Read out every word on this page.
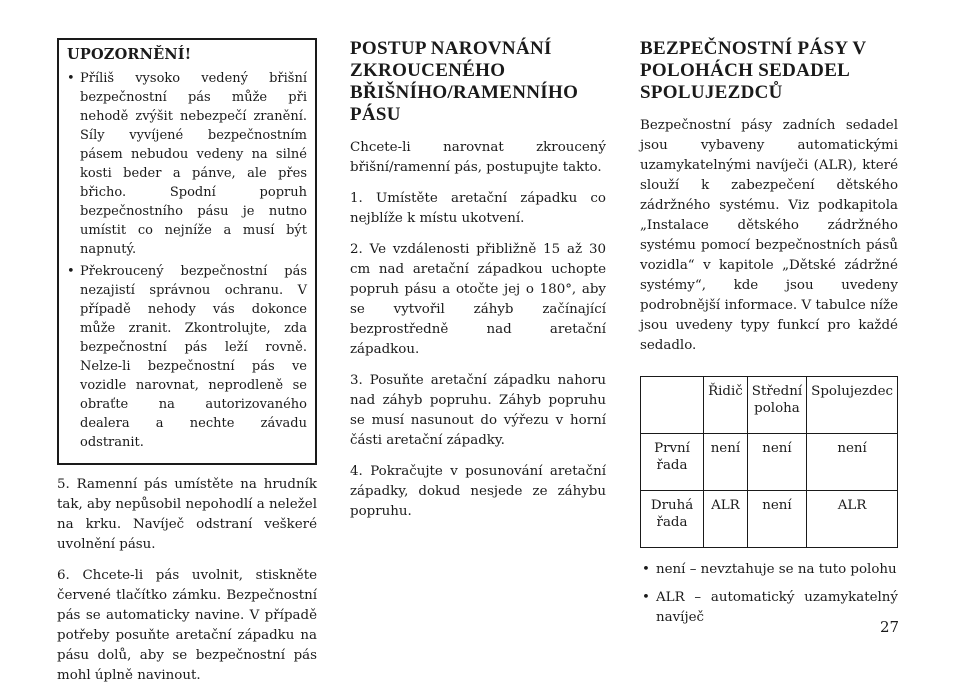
UPOZORNĚNÍ!
• Příliš vysoko vedený břišní bezpečnostní pás může při nehodě zvýšit nebezpečí zranění. Síly vyvíjené bezpečnostním pásem nebudou vedeny na silné kosti beder a pánve, ale přes břicho. Spodní popruh bezpečnostního pásu je nutno umístit co nejníže a musí být napnutý.
• Překroucený bezpečnostní pás nezajistí správnou ochranu. V případě nehody vás dokonce může zranit. Zkontrolujte, zda bezpečnostní pás leží rovně. Nelze-li bezpečnostní pás ve vozidle narovnat, neprodleně se obraťte na autorizovaného dealera a nechte závadu odstranit.

5. Ramenní pás umístěte na hrudník tak, aby nepůsobil nepohodlí a neležel na krku. Navíječ odstraní veškeré uvolnění pásu.

6. Chcete-li pás uvolnit, stiskněte červené tlačítko zámku. Bezpečnostní pás se automaticky navine. V případě potřeby posuňte aretační západku na pásu dolů, aby se bezpečnostní pás mohl úplně navinout.

POSTUP NAROVNÁNÍ ZKROUCENÉHO BŘIŠNÍHO/RAMENNÍHO PÁSU

Chcete-li narovnat zkroucený břišní/ramenní pás, postupujte takto.

1. Umístěte aretační západku co nejblíže k místu ukotvení.

2. Ve vzdálenosti přibližně 15 až 30 cm nad aretační západkou uchopte popruh pásu a otočte jej o 180°, aby se vytvořil záhyb začínající bezprostředně nad aretační západkou.

3. Posuňte aretační západku nahoru nad záhyb popruhu. Záhyb popruhu se musí nasunout do výřezu v horní části aretační západky.

4. Pokračujte v posunování aretační západky, dokud nesjede ze záhybu popruhu.

BEZPEČNOSTNÍ PÁSY V POLOHÁCH SEDADEL SPOLUJEZDCŮ

Bezpečnostní pásy zadních sedadel jsou vybaveny automatickými uzamykatelnými navíječi (ALR), které slouží k zabezpečení dětského zádržného systému. Viz podkapitola „Instalace dětského zádržného systému pomocí bezpečnostních pásů vozidla“ v kapitole „Dětské zádržné systémy“, kde jsou uvedeny podrobnější informace. V tabulce níže jsou uvedeny typy funkcí pro každé sedadlo.

	Řidič	Střední poloha	Spolujezdec
První řada	není	není	není
Druhá řada	ALR	není	ALR
• není – nevztahuje se na tuto polohu
• ALR – automatický uzamykatelný navíječ
27
